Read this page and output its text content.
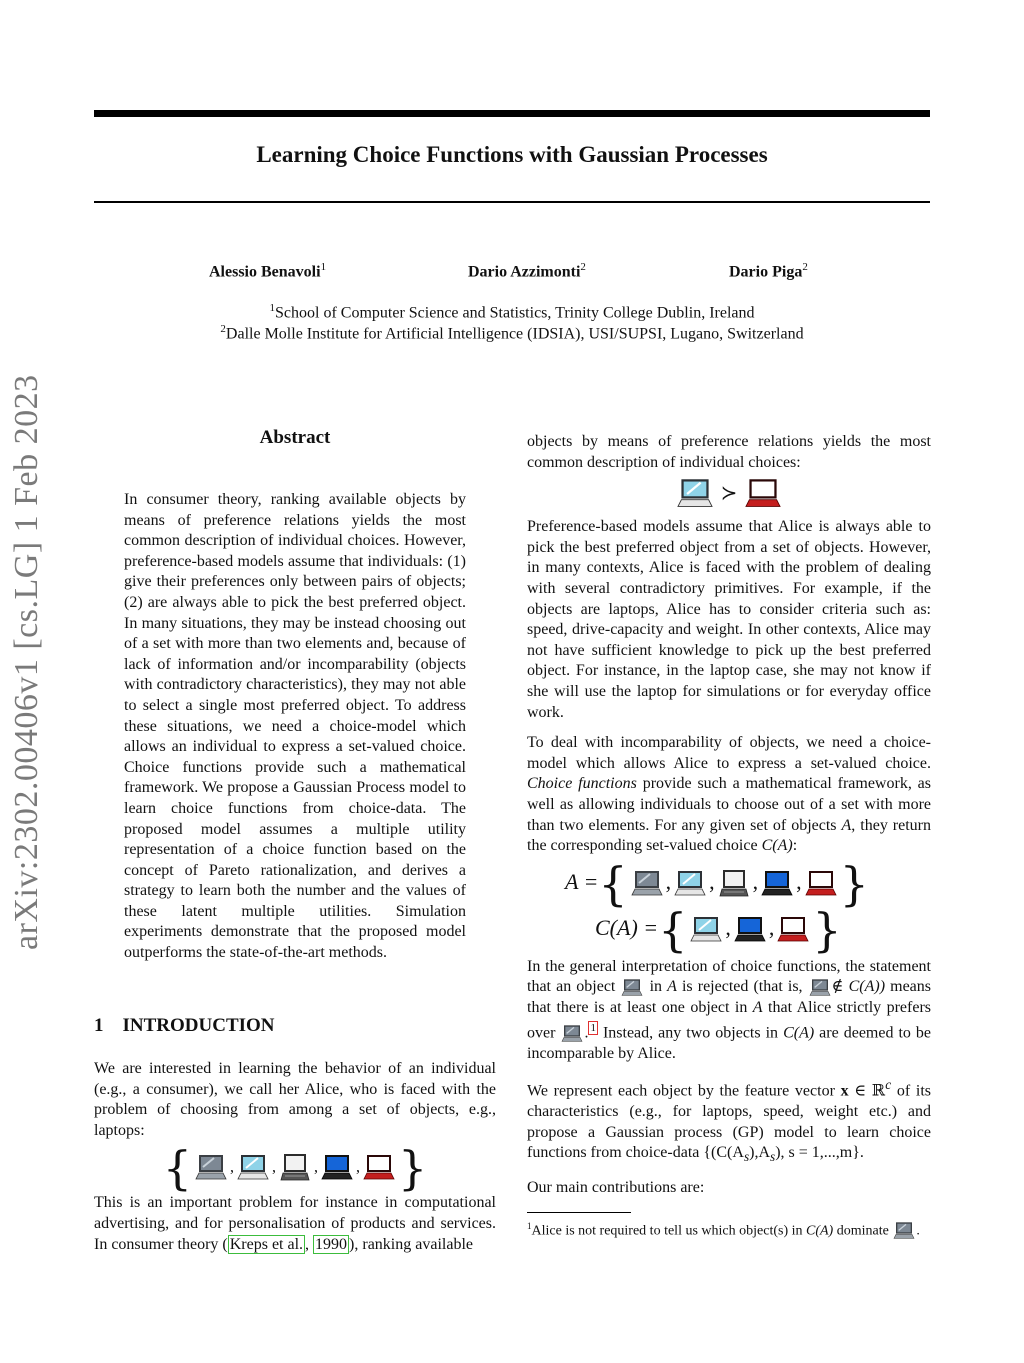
Learning Choice Functions with Gaussian Processes
Alessio Benavoli$^1$	Dario Azzimonti$^2$	Dario Piga$^2$
$^1$School of Computer Science and Statistics, Trinity College Dublin, Ireland
$^2$Dalle Molle Institute for Artificial Intelligence (IDSIA), USI/SUPSI, Lugano, Switzerland
arXiv:2302.00406v1 [cs.LG] 1 Feb 2023	Abstract

In consumer theory, ranking available objects by means of preference relations yields the most common description of individual choices. However, preference-based models assume that individuals: (1) give their preferences only between pairs of objects; (2) are always able to pick the best preferred object. In many situations, they may be instead choosing out of a set with more than two elements and, because of lack of information and/or incomparability (objects with contradictory characteristics), they may not able to select a single most preferred object. To address these situations, we need a choice-model which allows an individual to express a set-valued choice. Choice functions provide such a mathematical framework. We propose a Gaussian Process model to learn choice functions from choice-data. The proposed model assumes a multiple utility representation of a choice function based on the concept of Pareto rationalization, and derives a strategy to learn both the number and the values of these latent multiple utilities. Simulation experiments demonstrate that the proposed model outperforms the state-of-the-art methods.

1 INTRODUCTION

We are interested in learning the behavior of an individual (e.g., a consumer), we call her Alice, who is faced with the problem of choosing from among a set of objects, e.g., laptops:

{ , , , , }

This is an important problem for instance in computational advertising, and for personalisation of products and services. In consumer theory ( Kreps et al. , 1990 ), ranking available

objects by means of preference relations yields the most common description of individual choices:

≻

Preference-based models assume that Alice is always able to pick the best preferred object from a set of objects. However, in many contexts, Alice is faced with the problem of dealing with several contradictory primitives. For example, if the objects are laptops, Alice has to consider criteria such as: speed, drive-capacity and weight. In other contexts, Alice may not have sufficient knowledge to pick up the best preferred object. For instance, in the laptop case, she may not know if she will use the laptop for simulations or for everyday office work.

To deal with incomparability of objects, we need a choice-model which allows Alice to express a set-valued choice. Choice functions provide such a mathematical framework, as well as allowing individuals to choose out of a set with more than two elements. For any given set of objects A, they return the corresponding set-valued choice C(A):

A ={ , , , , }
C(A) ={ , , }

In the general interpretation of choice functions, the statement that an object in A is rejected (that is, ∉ C(A)) means that there is at least one object in A that Alice strictly prefers over . $^1$ Instead, any two objects in C(A) are deemed to be incomparable by Alice.

We represent each object by the feature vector x ∈ ℝ$^c$ of its characteristics (e.g., for laptops, speed, weight etc.) and propose a Gaussian process (GP) model to learn choice functions from choice-data {$(C(A_s),A_s)$, s = 1,...,m}.

Our main contributions are:

$^1$Alice is not required to tell us which object(s) in C(A) dominate .
